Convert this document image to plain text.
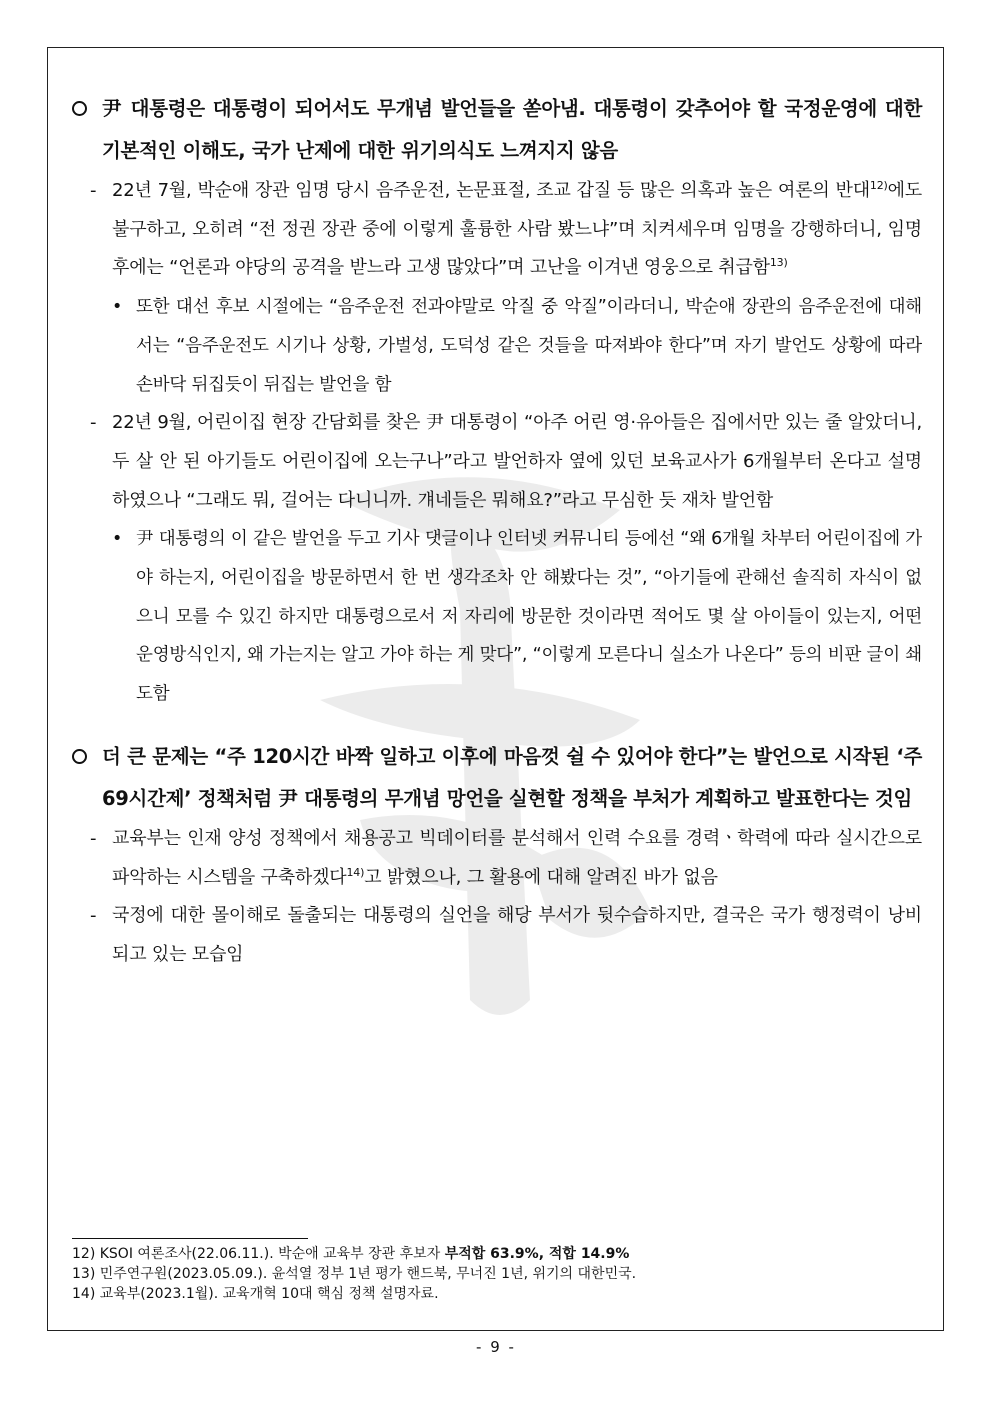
尹 대통령은 대통령이 되어서도 무개념 발언들을 쏟아냄. 대통령이 갖추어야 할 국정운영에 대한 기본적인 이해도, 국가 난제에 대한 위기의식도 느껴지지 않음
- 22년 7월, 박순애 장관 임명 당시 음주운전, 논문표절, 조교 갑질 등 많은 의혹과 높은 여론의 반대$^{12)}$에도 불구하고, 오히려 “전 정권 장관 중에 이렇게 훌륭한 사람 봤느냐”며 치켜세우며 임명을 강행하더니, 임명 후에는 “언론과 야당의 공격을 받느라 고생 많았다”며 고난을 이겨낸 영웅으로 취급함$^{13)}$
• 또한 대선 후보 시절에는 “음주운전 전과야말로 악질 중 악질”이라더니, 박순애 장관의 음주운전에 대해서는 “음주운전도 시기나 상황, 가벌성, 도덕성 같은 것들을 따져봐야 한다”며 자기 발언도 상황에 따라 손바닥 뒤집듯이 뒤집는 발언을 함
- 22년 9월, 어린이집 현장 간담회를 찾은 尹 대통령이 “아주 어린 영·유아들은 집에서만 있는 줄 알았더니, 두 살 안 된 아기들도 어린이집에 오는구나”라고 발언하자 옆에 있던 보육교사가 6개월부터 온다고 설명하였으나 “그래도 뭐, 걸어는 다니니까. 걔네들은 뭐해요?”라고 무심한 듯 재차 발언함
• 尹 대통령의 이 같은 발언을 두고 기사 댓글이나 인터넷 커뮤니티 등에선 “왜 6개월 차부터 어린이집에 가야 하는지, 어린이집을 방문하면서 한 번 생각조차 안 해봤다는 것”, “아기들에 관해선 솔직히 자식이 없으니 모를 수 있긴 하지만 대통령으로서 저 자리에 방문한 것이라면 적어도 몇 살 아이들이 있는지, 어떤 운영방식인지, 왜 가는지는 알고 가야 하는 게 맞다”, “이렇게 모른다니 실소가 나온다” 등의 비판 글이 쇄도함
더 큰 문제는 “주 120시간 바짝 일하고 이후에 마음껏 쉴 수 있어야 한다”는 발언으로 시작된 ‘주 69시간제’ 정책처럼 尹 대통령의 무개념 망언을 실현할 정책을 부처가 계획하고 발표한다는 것임
- 교육부는 인재 양성 정책에서 채용공고 빅데이터를 분석해서 인력 수요를 경력ㆍ학력에 따라 실시간으로 파악하는 시스템을 구축하겠다$^{14)}$고 밝혔으나, 그 활용에 대해 알려진 바가 없음
- 국정에 대한 몰이해로 돌출되는 대통령의 실언을 해당 부서가 뒷수습하지만, 결국은 국가 행정력이 낭비되고 있는 모습임
12) KSOI 여론조사(22.06.11.). 박순애 교육부 장관 후보자 부적합 63.9%, 적합 14.9%
13) 민주연구원(2023.05.09.). 윤석열 정부 1년 평가 핸드북, 무너진 1년, 위기의 대한민국.
14) 교육부(2023.1월). 교육개혁 10대 핵심 정책 설명자료.
- 9 -
